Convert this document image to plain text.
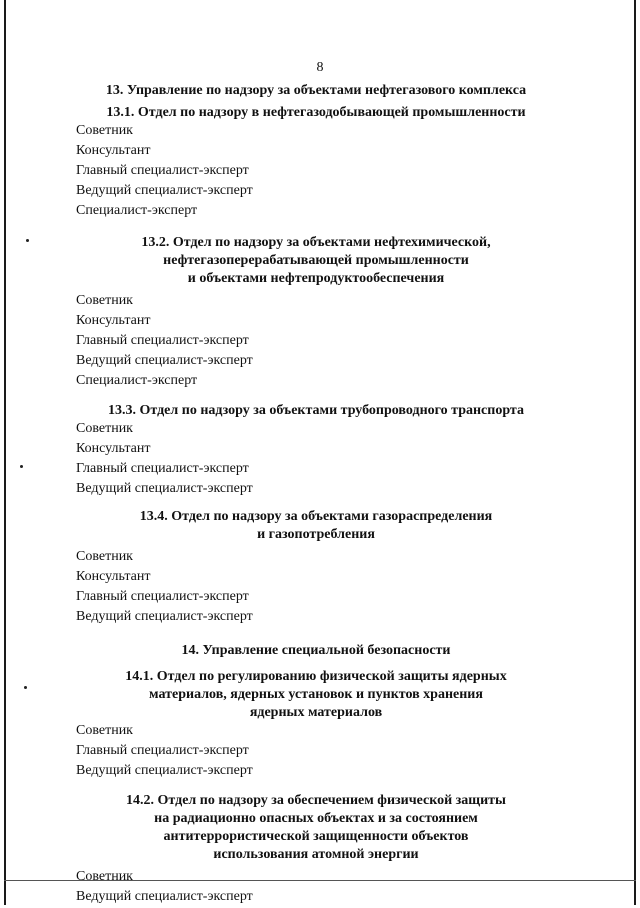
8
13. Управление по надзору за объектами нефтегазового комплекса
13.1. Отдел по надзору в нефтегазодобывающей промышленности
Советник
Консультант
Главный специалист-эксперт
Ведущий специалист-эксперт
Специалист-эксперт
13.2. Отдел по надзору за объектами нефтехимической,
нефтегазоперерабатывающей промышленности
и объектами нефтепродуктообеспечения
Советник
Консультант
Главный специалист-эксперт
Ведущий специалист-эксперт
Специалист-эксперт
13.3. Отдел по надзору за объектами трубопроводного транспорта
Советник
Консультант
Главный специалист-эксперт
Ведущий специалист-эксперт
13.4. Отдел по надзору за объектами газораспределения
и газопотребления
Советник
Консультант
Главный специалист-эксперт
Ведущий специалист-эксперт
14. Управление специальной безопасности
14.1. Отдел по регулированию физической защиты ядерных
материалов, ядерных установок и пунктов хранения
ядерных материалов
Советник
Главный специалист-эксперт
Ведущий специалист-эксперт
14.2. Отдел по надзору за обеспечением физической защиты
на радиационно опасных объектах и за состоянием
антитеррористической защищенности объектов
использования атомной энергии
Советник
Ведущий специалист-эксперт
